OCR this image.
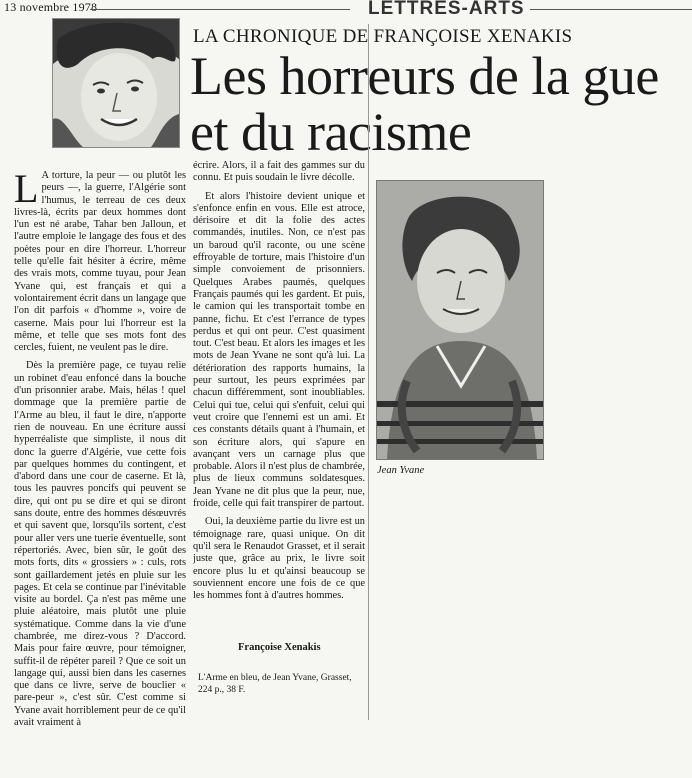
13 novembre 1978	LETTRES-ARTS
LA CHRONIQUE DE FRANÇOISE XENAKIS
Les horreurs de la gue
et du racisme

L A torture, la peur — ou plutôt les peurs —, la guerre, l'Algérie sont l'humus, le terreau de ces deux livres-là, écrits par deux hommes dont l'un est né arabe, Tahar ben Jalloun, et l'autre emploie le langage des fous et des poètes pour en dire l'horreur. L'horreur telle qu'elle fait hésiter à écrire, même des vrais mots, comme tuyau, pour Jean Yvane qui, est français et qui a volontairement écrit dans un langage que l'on dit parfois « d'homme », voire de caserne. Mais pour lui l'horreur est la même, et telle que ses mots font des cercles, fuient, ne veulent pas le dire.

Dès la première page, ce tuyau relie un robinet d'eau enfoncé dans la bouche d'un prisonnier arabe. Mais, hélas ! quel dommage que la première partie de l'Arme au bleu, il faut le dire, n'apporte rien de nouveau. En une écriture aussi hyperréaliste que simpliste, il nous dit donc la guerre d'Algérie, vue cette fois par quelques hommes du contingent, et d'abord dans une cour de caserne. Et là, tous les pauvres poncifs qui peuvent se dire, qui ont pu se dire et qui se diront sans doute, entre des hommes désœuvrés et qui savent que, lorsqu'ils sortent, c'est pour aller vers une tuerie éventuelle, sont répertoriés. Avec, bien sûr, le goût des mots forts, dits « grossiers » : culs, rots sont gaillardement jetés en pluie sur les pages. Et cela se continue par l'inévitable visite au bordel. Ça n'est pas même une pluie aléatoire, mais plutôt une pluie systématique. Comme dans la vie d'une chambrée, me direz-vous ? D'accord. Mais pour faire œuvre, pour témoigner, suffit-il de répéter pareil ? Que ce soit un langage qui, aussi bien dans les casernes que dans ce livre, serve de bouclier « pare-peur », c'est sûr. C'est comme si Yvane avait horriblement peur de ce qu'il avait vraiment à

écrire. Alors, il a fait des gammes sur du connu. Et puis soudain le livre décolle.

Et alors l'histoire devient unique et s'enfonce enfin en vous. Elle est atroce, dérisoire et dit la folie des actes commandés, inutiles. Non, ce n'est pas un baroud qu'il raconte, ou une scène effroyable de torture, mais l'histoire d'un simple convoiement de prisonniers. Quelques Arabes paumés, quelques Français paumés qui les gardent. Et puis, le camion qui les transportait tombe en panne, fichu. Et c'est l'errance de types perdus et qui ont peur. C'est quasiment tout. C'est beau. Et alors les images et les mots de Jean Yvane ne sont qu'à lui. La détérioration des rapports humains, la peur surtout, les peurs exprimées par chacun différemment, sont inoubliables. Celui qui tue, celui qui s'enfuit, celui qui veut croire que l'ennemi est un ami. Et ces constants détails quant à l'humain, et son écriture alors, qui s'apure en avançant vers un carnage plus que probable. Alors il n'est plus de chambrée, plus de lieux communs soldatesques. Jean Yvane ne dit plus que la peur, nue, froide, celle qui fait transpirer de partout.

Oui, la deuxième partie du livre est un témoignage rare, quasi unique. On dit qu'il sera le Renaudot Grasset, et il serait juste que, grâce au prix, le livre soit encore plus lu et qu'ainsi beaucoup se souviennent encore une fois de ce que les hommes font à d'autres hommes.

Françoise Xenakis
L'Arme en bleu, de Jean Yvane, Grasset, 224 p., 38 F.
Jean Yvane
